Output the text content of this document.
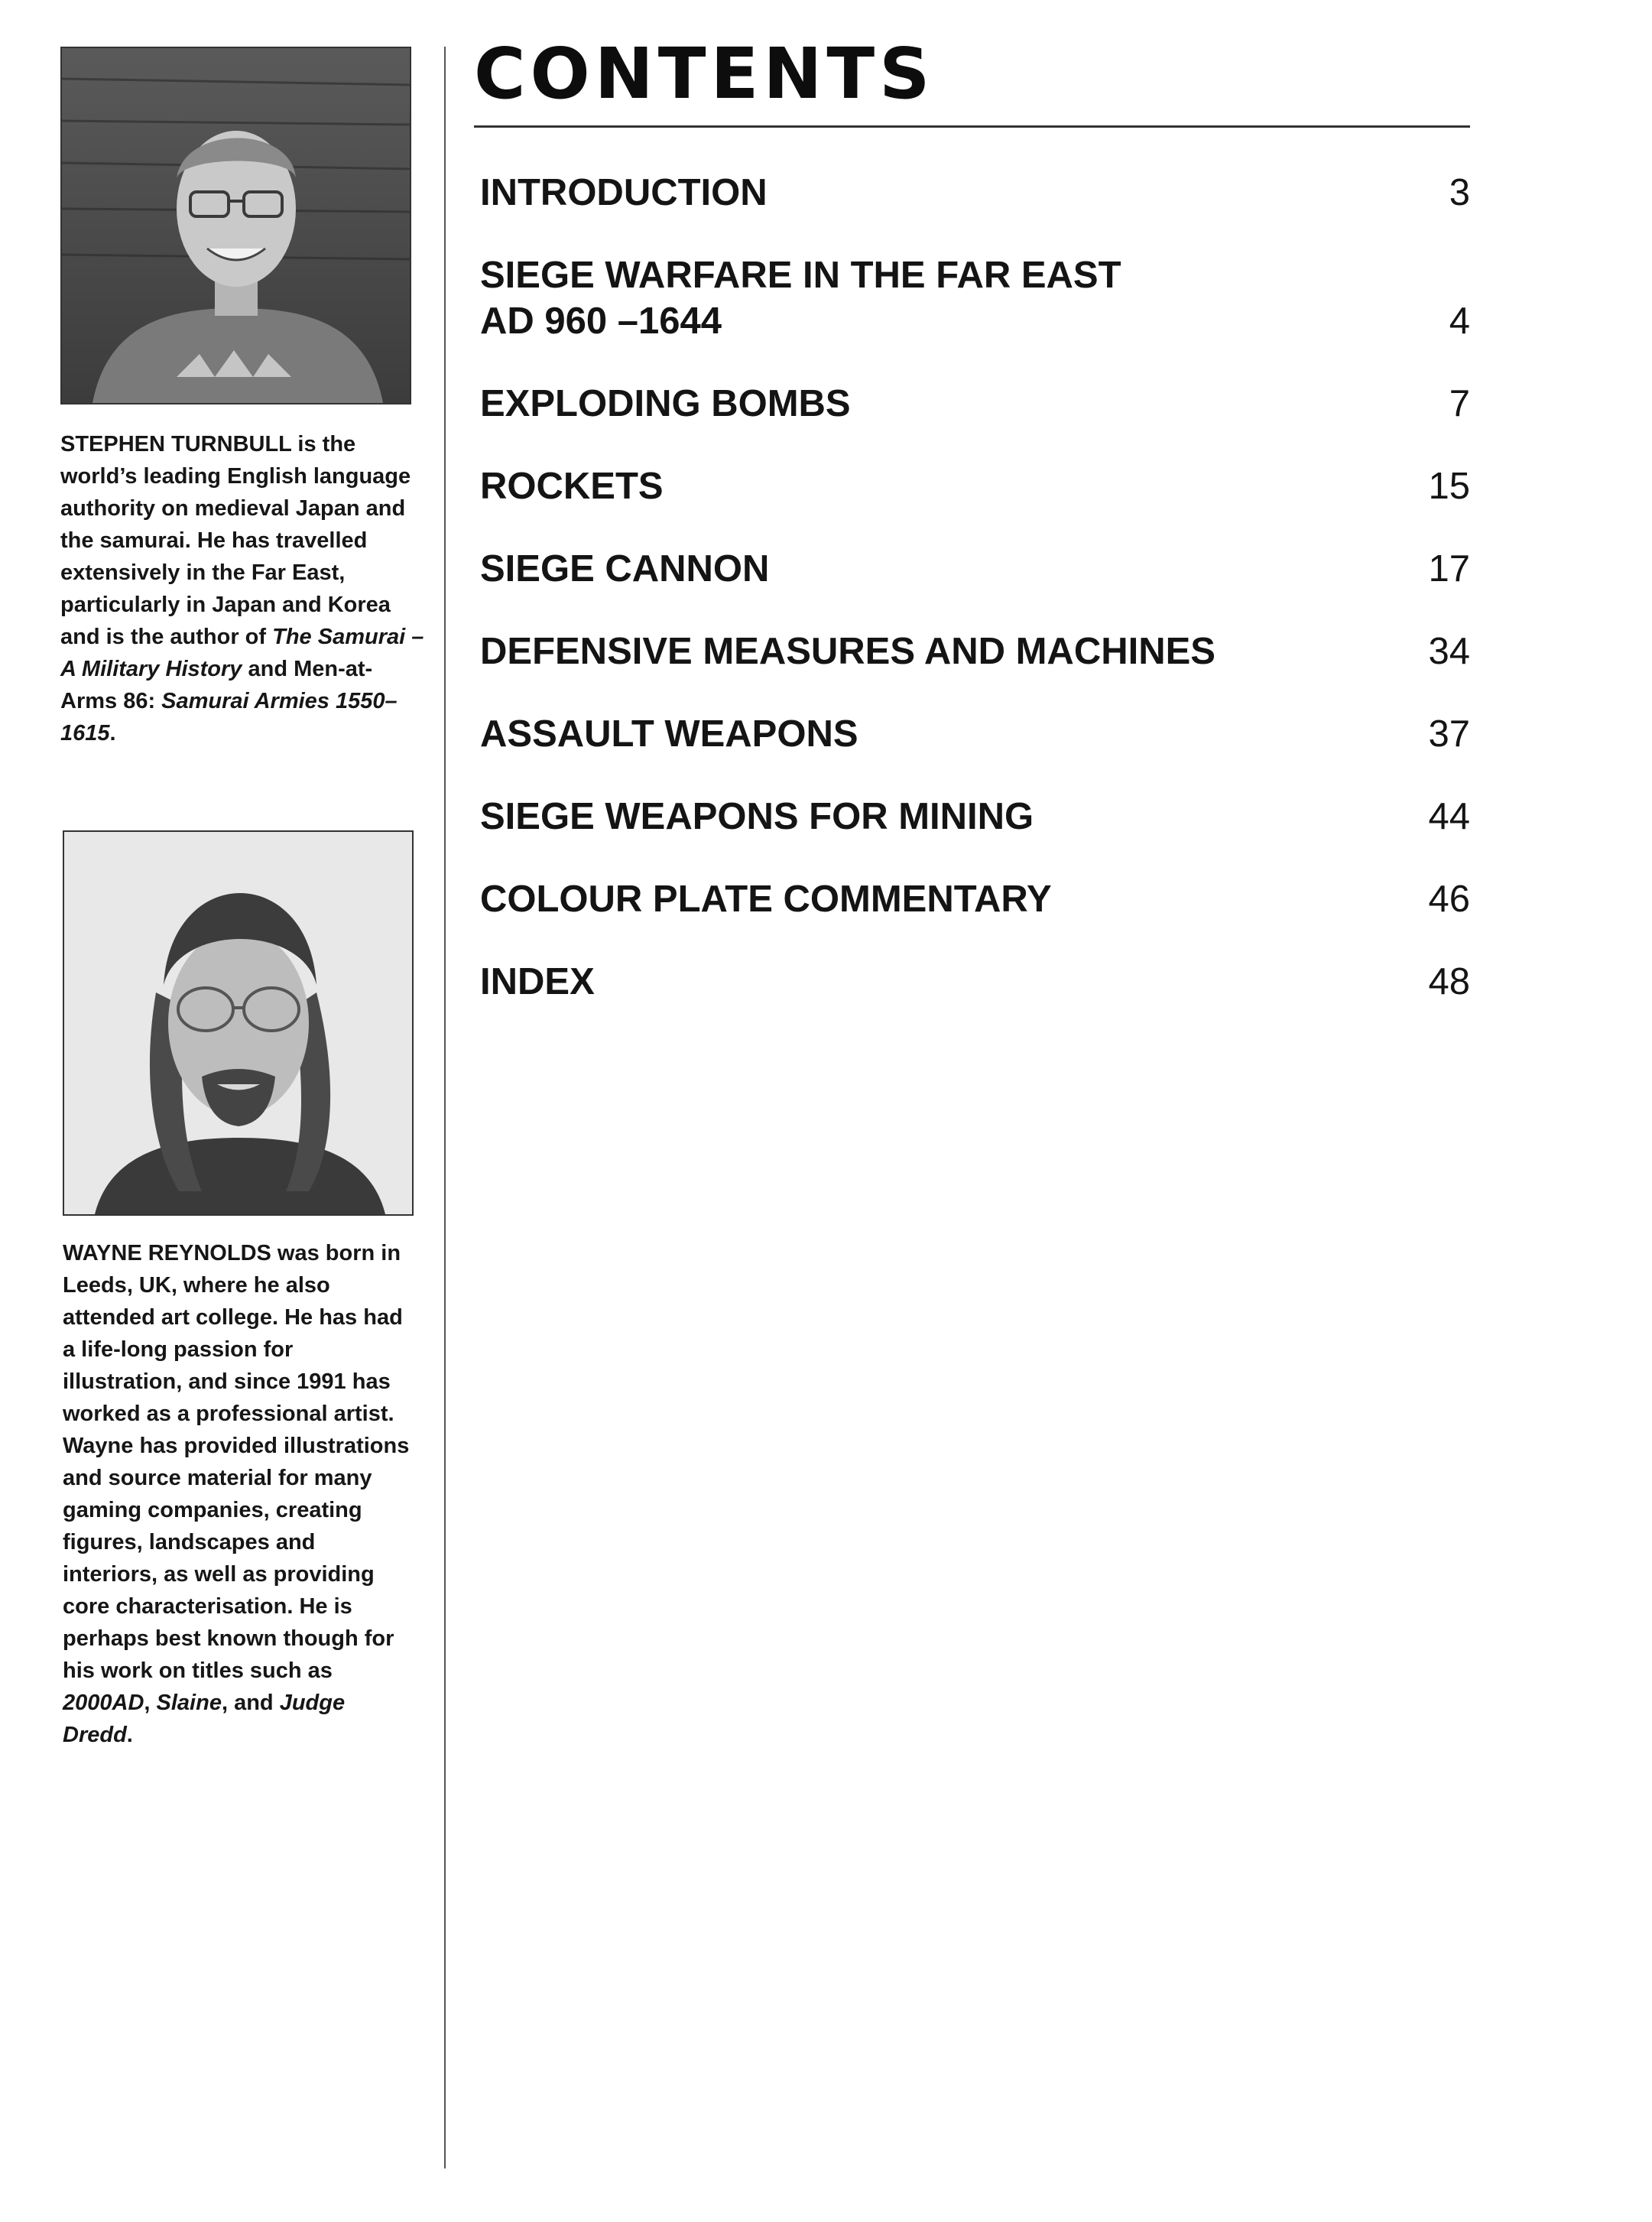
STEPHEN TURNBULL is the world’s leading English language authority on medieval Japan and the samurai. He has travelled extensively in the Far East, particularly in Japan and Korea and is the author of The Samurai – A Military History and Men-at-Arms 86: Samurai Armies 1550–1615.
WAYNE REYNOLDS was born in Leeds, UK, where he also attended art college. He has had a life-long passion for illustration, and since 1991 has worked as a professional artist. Wayne has provided illustrations and source material for many gaming companies, creating figures, landscapes and interiors, as well as providing core characterisation. He is perhaps best known though for his work on titles such as 2000AD, Slaine, and Judge Dredd.
CONTENTS
INTRODUCTION	3
SIEGE WARFARE IN THE FAR EAST
AD 960 –1644	4
EXPLODING BOMBS	7
ROCKETS	15
SIEGE CANNON	17
DEFENSIVE MEASURES AND MACHINES	34
ASSAULT WEAPONS	37
SIEGE WEAPONS FOR MINING	44
COLOUR PLATE COMMENTARY	46
INDEX	48
